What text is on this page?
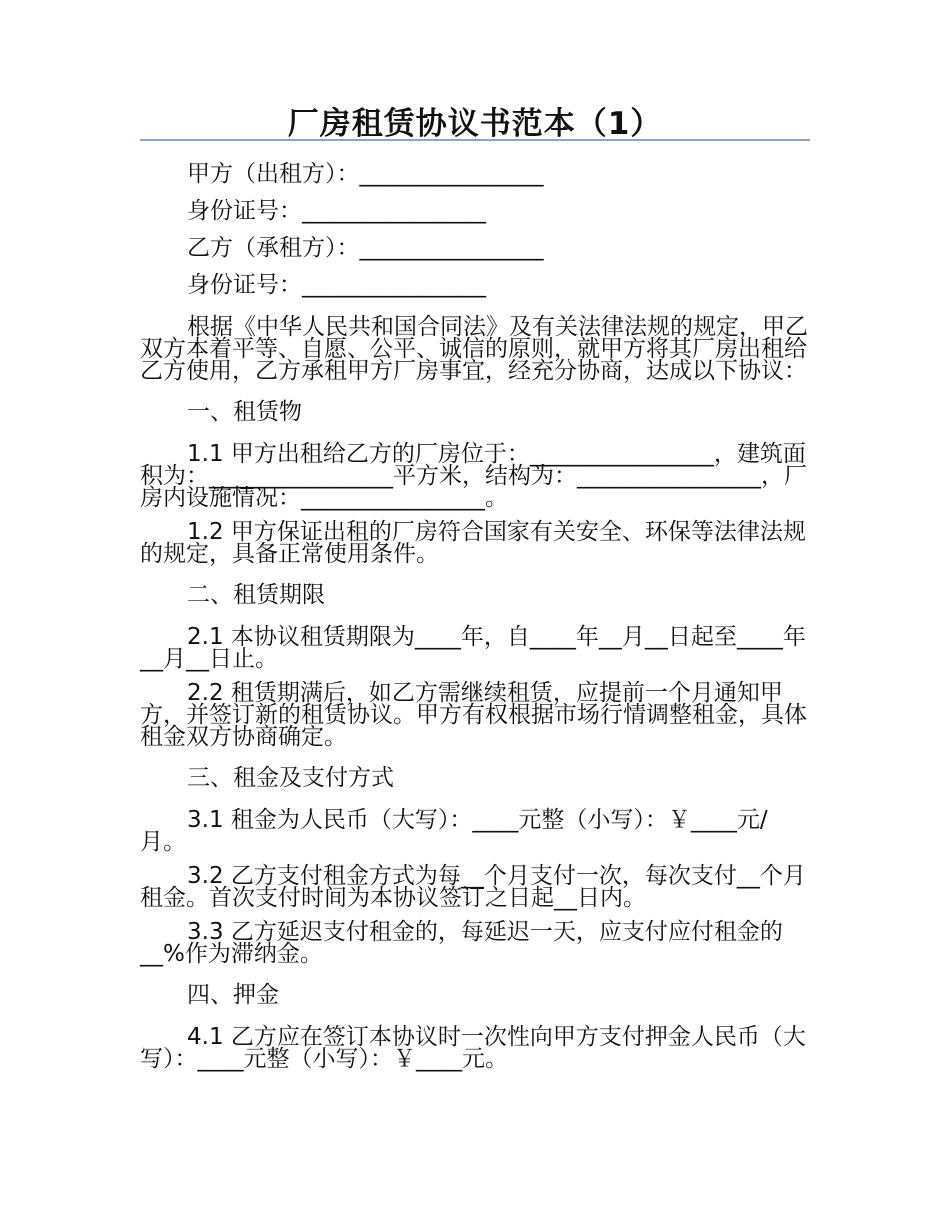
厂房租赁协议书范本（1）
甲方（出租方）：________________
身份证号：________________
乙方（承租方）：________________
身份证号：________________

根据《中华人民共和国合同法》及有关法律法规的规定，甲乙双方本着平等、自愿、公平、诚信的原则，就甲方将其厂房出租给乙方使用，乙方承租甲方厂房事宜，经充分协商，达成以下协议：

一、租赁物

1.1 甲方出租给乙方的厂房位于：________________，建筑面积为：________________平方米，结构为：________________，厂房内设施情况：________________。

1.2 甲方保证出租的厂房符合国家有关安全、环保等法律法规的规定，具备正常使用条件。

二、租赁期限

2.1 本协议租赁期限为____年，自____年__月__日起至____年__月__日止。

2.2 租赁期满后，如乙方需继续租赁，应提前一个月通知甲方，并签订新的租赁协议。甲方有权根据市场行情调整租金，具体租金双方协商确定。

三、租金及支付方式

3.1 租金为人民币（大写）：____元整（小写）：￥____元/月。

3.2 乙方支付租金方式为每__个月支付一次，每次支付__个月租金。首次支付时间为本协议签订之日起__日内。

3.3 乙方延迟支付租金的，每延迟一天，应支付应付租金的__%作为滞纳金。

四、押金

4.1 乙方应在签订本协议时一次性向甲方支付押金人民币（大写）：____元整（小写）：￥____元。
